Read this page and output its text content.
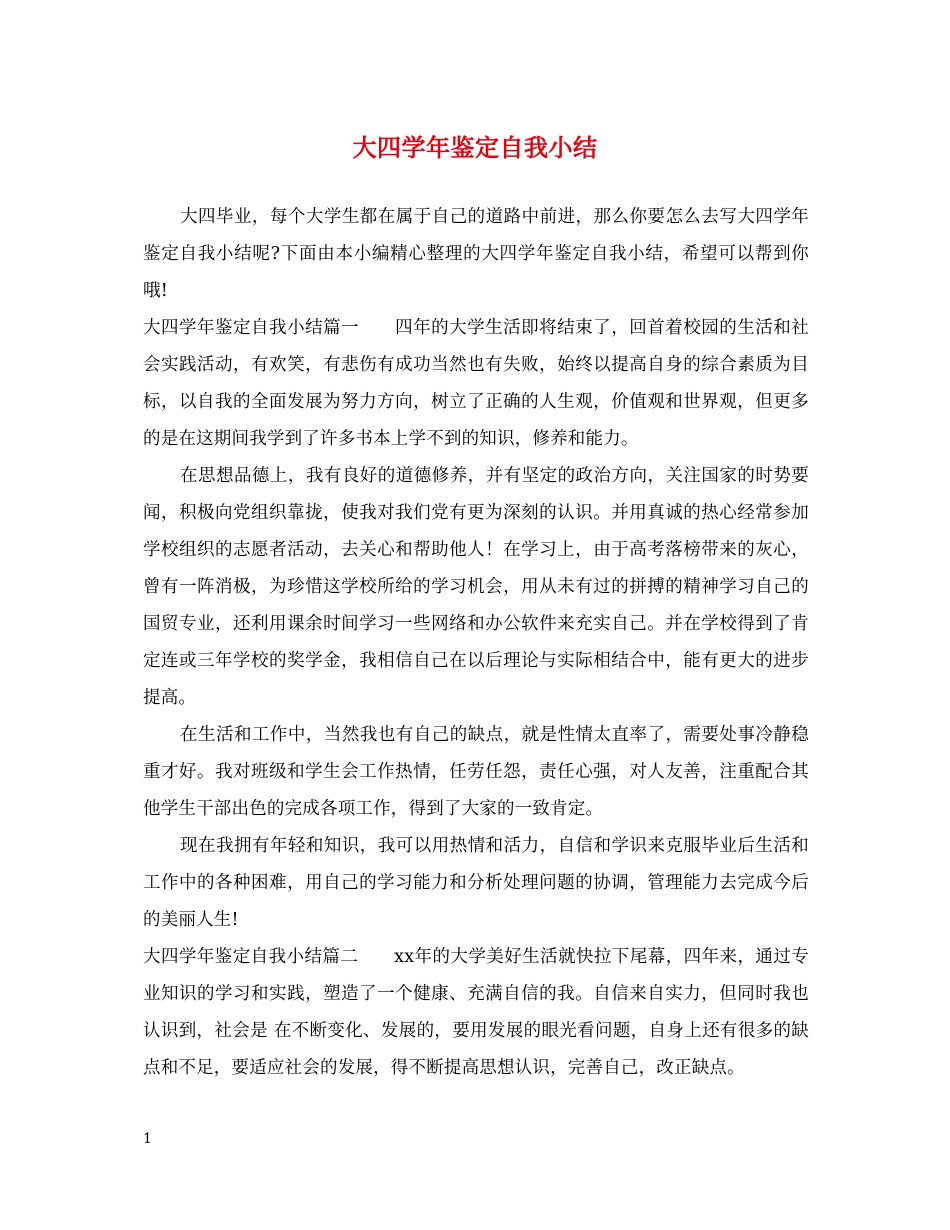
大四学年鉴定自我小结

大四毕业，每个大学生都在属于自己的道路中前进，那么你要怎么去写大四学年鉴定自我小结呢?下面由本小编精心整理的大四学年鉴定自我小结，希望可以帮到你哦!

大四学年鉴定自我小结篇一　　四年的大学生活即将结束了，回首着校园的生活和社会实践活动，有欢笑，有悲伤有成功当然也有失败，始终以提高自身的综合素质为目标，以自我的全面发展为努力方向，树立了正确的人生观，价值观和世界观，但更多的是在这期间我学到了许多书本上学不到的知识，修养和能力。

在思想品德上，我有良好的道德修养，并有坚定的政治方向，关注国家的时势要闻，积极向党组织靠拢，使我对我们党有更为深刻的认识。并用真诚的热心经常参加学校组织的志愿者活动，去关心和帮助他人！在学习上，由于高考落榜带来的灰心，曾有一阵消极，为珍惜这学校所给的学习机会，用从未有过的拼搏的精神学习自己的国贸专业，还利用课余时间学习一些网络和办公软件来充实自己。并在学校得到了肯定连或三年学校的奖学金，我相信自己在以后理论与实际相结合中，能有更大的进步提高。

在生活和工作中，当然我也有自己的缺点，就是性情太直率了，需要处事冷静稳重才好。我对班级和学生会工作热情，任劳任怨，责任心强，对人友善，注重配合其他学生干部出色的完成各项工作，得到了大家的一致肯定。

现在我拥有年轻和知识，我可以用热情和活力，自信和学识来克服毕业后生活和工作中的各种困难，用自己的学习能力和分析处理问题的协调，管理能力去完成今后的美丽人生!

大四学年鉴定自我小结篇二　　xx年的大学美好生活就快拉下尾幕，四年来，通过专业知识的学习和实践，塑造了一个健康、充满自信的我。自信来自实力，但同时我也认识到，社会是 在不断变化、发展的，要用发展的眼光看问题，自身上还有很多的缺点和不足，要适应社会的发展，得不断提高思想认识，完善自己，改正缺点。

1
